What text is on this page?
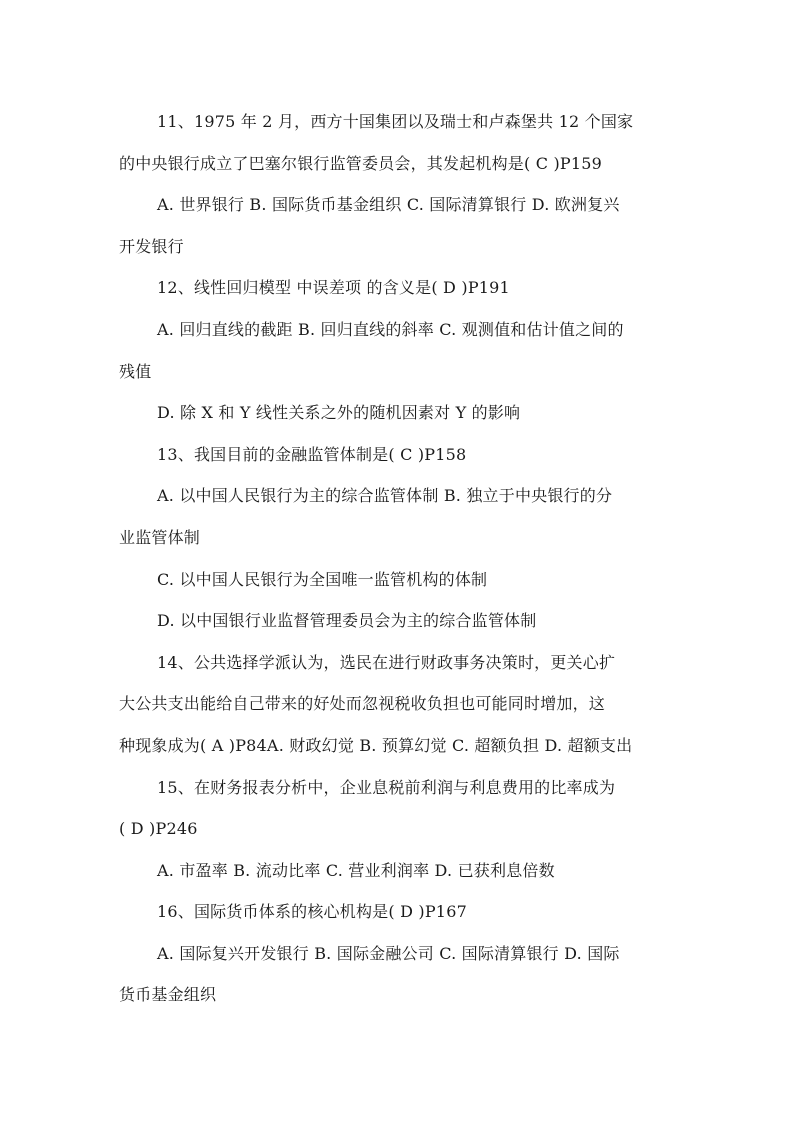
11、1975 年 2 月，西方十国集团以及瑞士和卢森堡共 12 个国家
的中央银行成立了巴塞尔银行监管委员会，其发起机构是( C )P159
A. 世界银行 B. 国际货币基金组织 C. 国际清算银行 D. 欧洲复兴
开发银行
12、线性回归模型 中误差项 的含义是( D )P191
A. 回归直线的截距 B. 回归直线的斜率 C. 观测值和估计值之间的
残值
D. 除 X 和 Y 线性关系之外的随机因素对 Y 的影响
13、我国目前的金融监管体制是( C )P158
A. 以中国人民银行为主的综合监管体制 B. 独立于中央银行的分
业监管体制
C. 以中国人民银行为全国唯一监管机构的体制
D. 以中国银行业监督管理委员会为主的综合监管体制
14、公共选择学派认为，选民在进行财政事务决策时，更关心扩
大公共支出能给自己带来的好处而忽视税收负担也可能同时增加，这
种现象成为( A )P84A. 财政幻觉 B. 预算幻觉 C. 超额负担 D. 超额支出
15、在财务报表分析中，企业息税前利润与利息费用的比率成为
( D )P246
A. 市盈率 B. 流动比率 C. 营业利润率 D. 已获利息倍数
16、国际货币体系的核心机构是( D )P167
A. 国际复兴开发银行 B. 国际金融公司 C. 国际清算银行 D. 国际
货币基金组织
